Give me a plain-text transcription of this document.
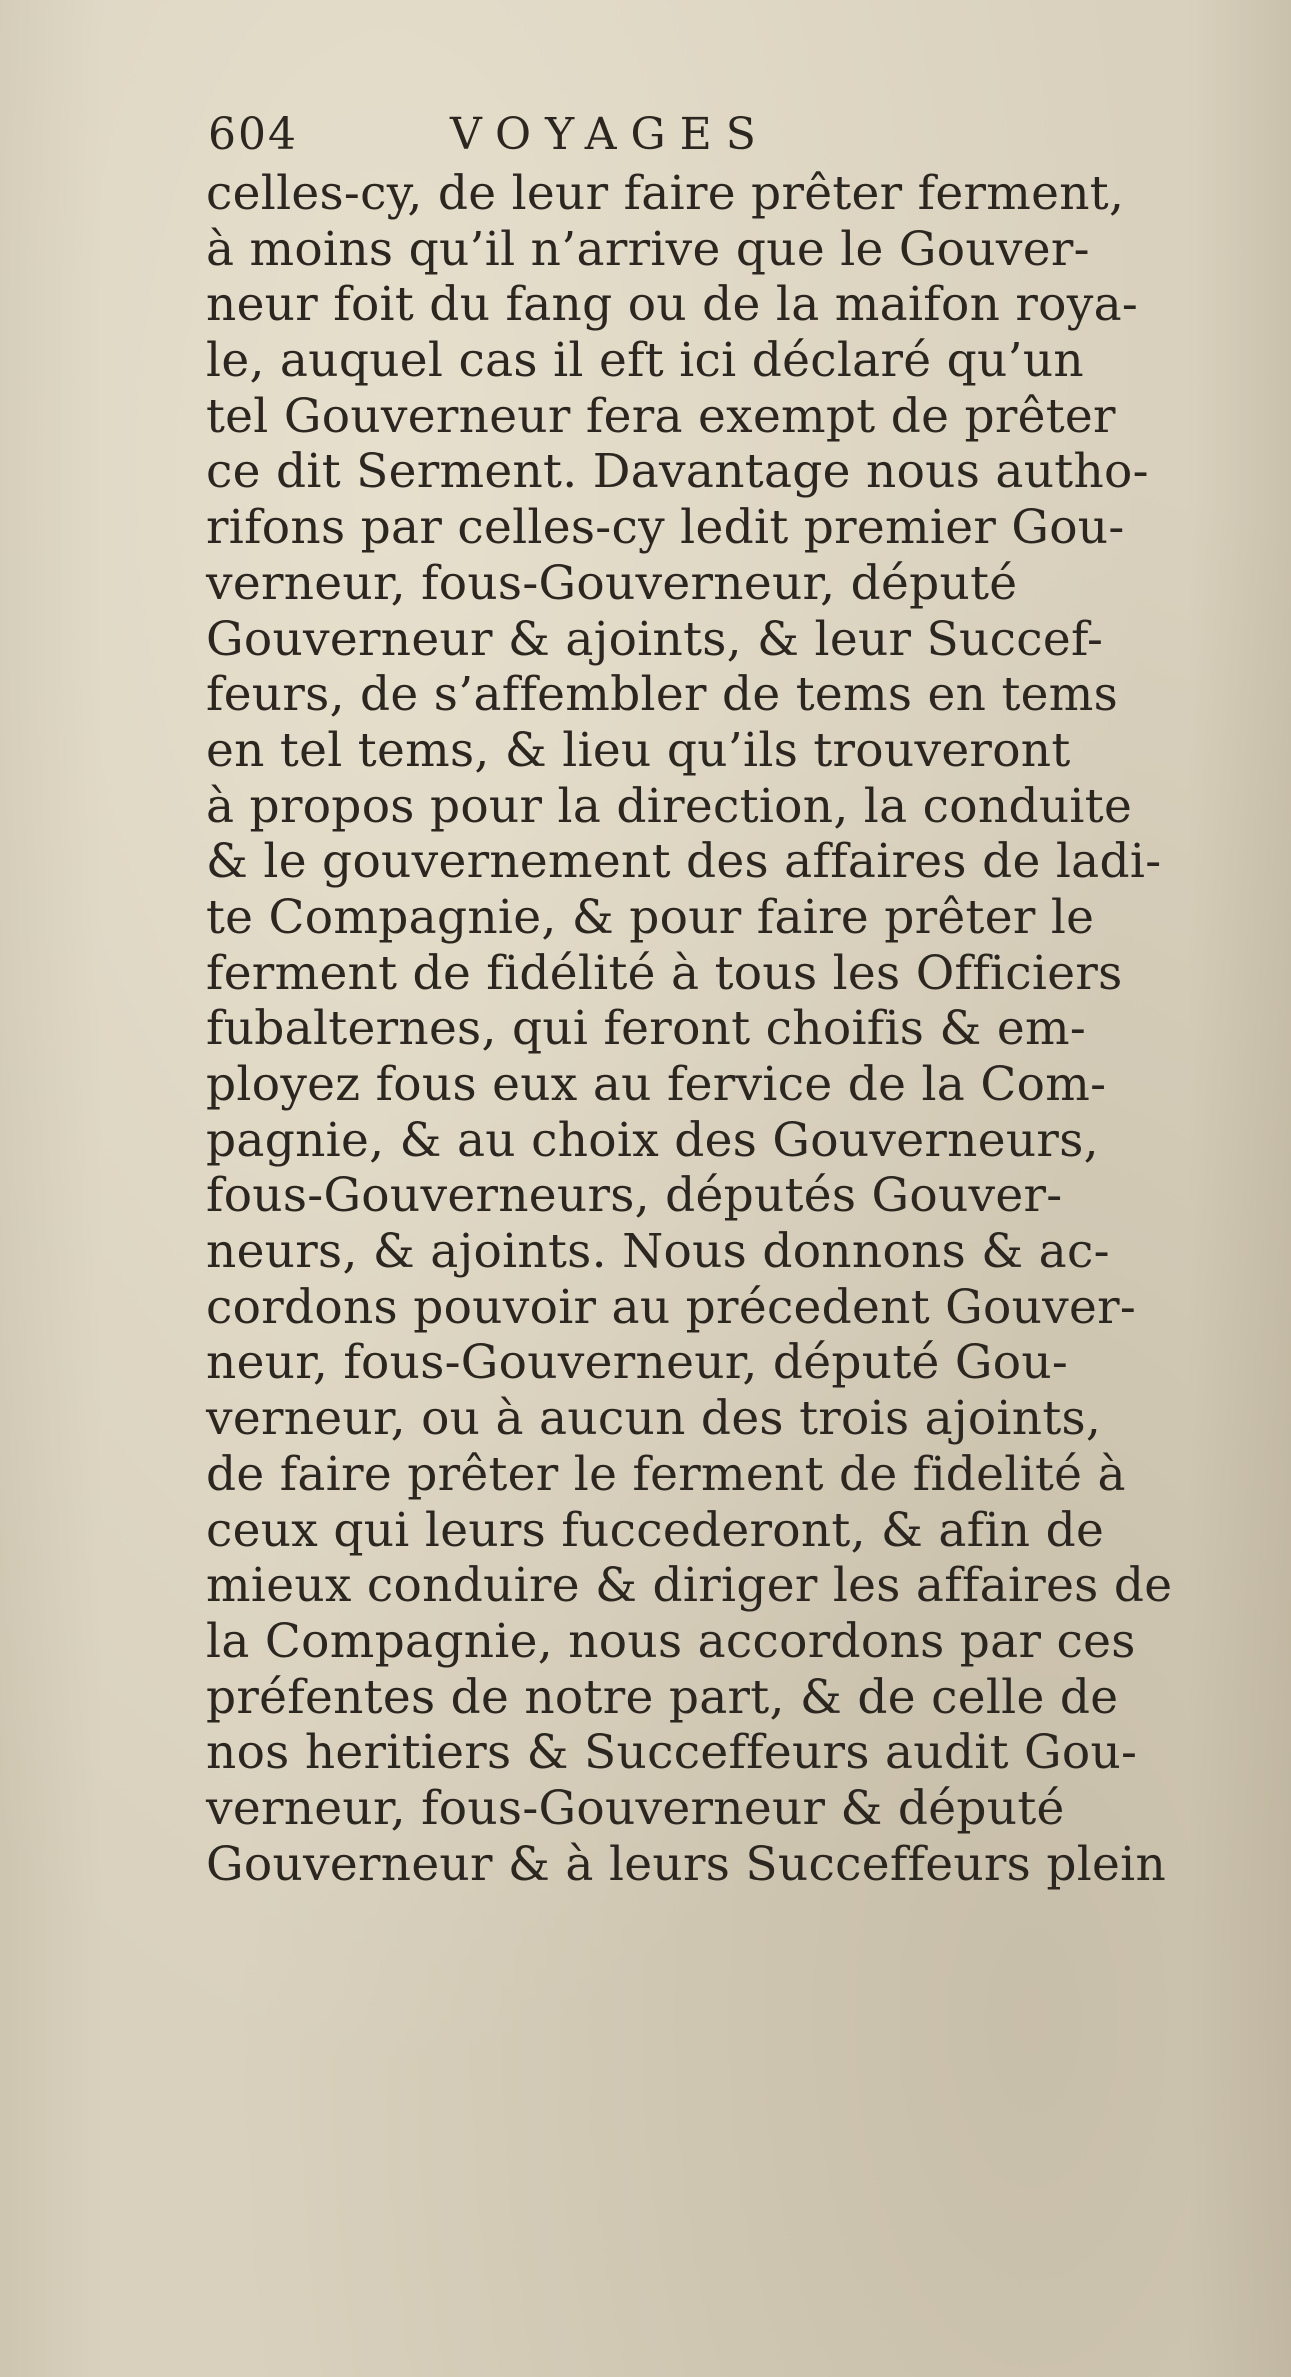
604	VOYAGES
celles-cy, de leur faire prêter ferment,
à moins qu’il n’arrive que le Gouver-
neur foit du fang ou de la maifon roya-
le, auquel cas il eft ici déclaré qu’un
tel Gouverneur fera exempt de prêter
ce dit Serment. Davantage nous autho-
rifons par celles-cy ledit premier Gou-
verneur, fous-Gouverneur, député
Gouverneur & ajoints, & leur Succef-
feurs, de s’affembler de tems en tems
en tel tems, & lieu qu’ils trouveront
à propos pour la direction, la conduite
& le gouvernement des affaires de ladi-
te Compagnie, & pour faire prêter le
ferment de fidélité à tous les Officiers
fubalternes, qui feront choifis & em-
ployez fous eux au fervice de la Com-
pagnie, & au choix des Gouverneurs,
fous-Gouverneurs, députés Gouver-
neurs, & ajoints. Nous donnons & ac-
cordons pouvoir au précedent Gouver-
neur, fous-Gouverneur, député Gou-
verneur, ou à aucun des trois ajoints,
de faire prêter le ferment de fidelité à
ceux qui leurs fuccederont, & afin de
mieux conduire & diriger les affaires de
la Compagnie, nous accordons par ces
préfentes de notre part, & de celle de
nos heritiers & Succeffeurs audit Gou-
verneur, fous-Gouverneur & député
Gouverneur & à leurs Succeffeurs plein
